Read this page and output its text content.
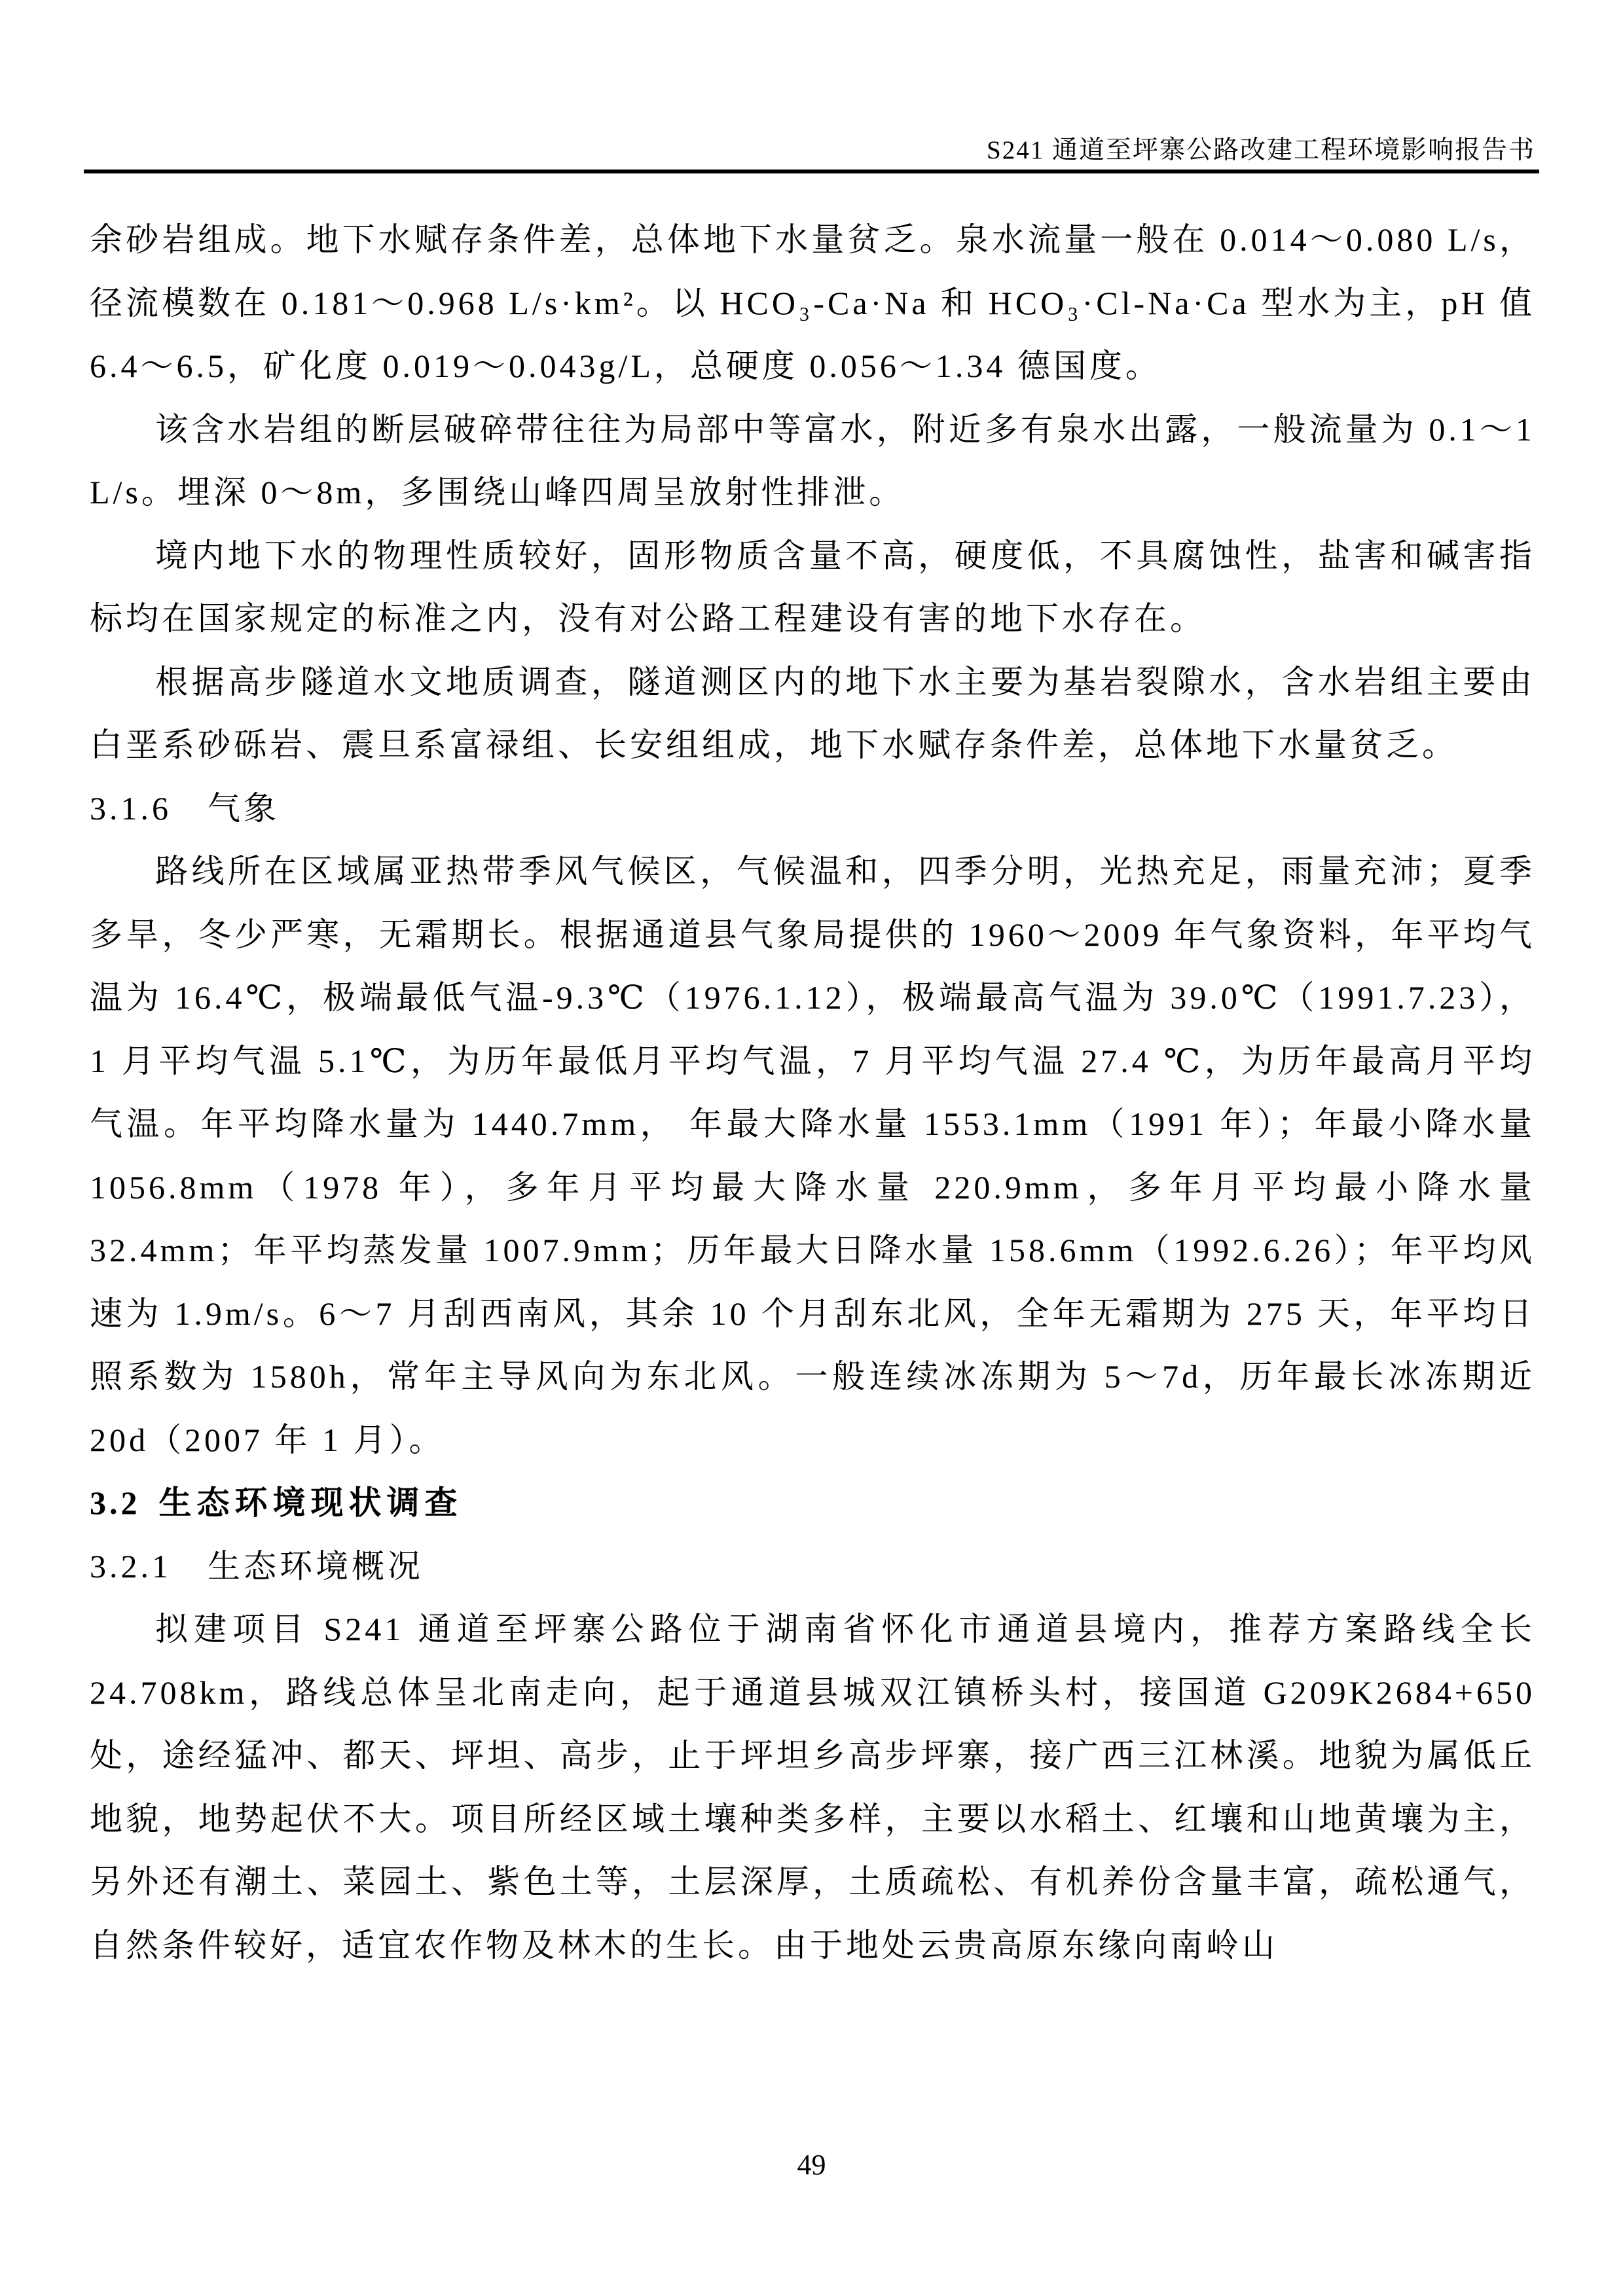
S241 通道至坪寨公路改建工程环境影响报告书

余砂岩组成。地下水赋存条件差，总体地下水量贫乏。泉水流量一般在 0.014～0.080 L/s，径流模数在 0.181～0.968 L/s·km²。以 HCO₃-Ca·Na 和 HCO₃·Cl-Na·Ca 型水为主，pH 值 6.4～6.5，矿化度 0.019～0.043g/L，总硬度 0.056～1.34 德国度。

该含水岩组的断层破碎带往往为局部中等富水，附近多有泉水出露，一般流量为 0.1～1 L/s。埋深 0～8m，多围绕山峰四周呈放射性排泄。

境内地下水的物理性质较好，固形物质含量不高，硬度低，不具腐蚀性，盐害和碱害指标均在国家规定的标准之内，没有对公路工程建设有害的地下水存在。

根据高步隧道水文地质调查，隧道测区内的地下水主要为基岩裂隙水，含水岩组主要由白垩系砂砾岩、震旦系富禄组、长安组组成，地下水赋存条件差，总体地下水量贫乏。

3.1.6 气象

路线所在区域属亚热带季风气候区，气候温和，四季分明，光热充足，雨量充沛；夏季多旱，冬少严寒，无霜期长。根据通道县气象局提供的 1960～2009 年气象资料，年平均气温为 16.4℃，极端最低气温-9.3℃（1976.1.12），极端最高气温为 39.0℃（1991.7.23），1 月平均气温 5.1℃，为历年最低月平均气温，7 月平均气温 27.4 ℃，为历年最高月平均气温。年平均降水量为 1440.7mm， 年最大降水量 1553.1mm（1991 年）；年最小降水量 1056.8mm（1978 年），多年月平均最大降水量 220.9mm，多年月平均最小降水量 32.4mm；年平均蒸发量 1007.9mm；历年最大日降水量 158.6mm（1992.6.26）；年平均风速为 1.9m/s。6～7 月刮西南风，其余 10 个月刮东北风，全年无霜期为 275 天，年平均日照系数为 1580h，常年主导风向为东北风。一般连续冰冻期为 5～7d，历年最长冰冻期近 20d（2007 年 1 月）。

3.2 生态环境现状调查
3.2.1 生态环境概况

拟建项目 S241 通道至坪寨公路位于湖南省怀化市通道县境内，推荐方案路线全长 24.708km，路线总体呈北南走向，起于通道县城双江镇桥头村，接国道 G209K2684+650 处，途经猛冲、都天、坪坦、高步，止于坪坦乡高步坪寨，接广西三江林溪。地貌为属低丘地貌，地势起伏不大。项目所经区域土壤种类多样，主要以水稻土、红壤和山地黄壤为主，另外还有潮土、菜园土、紫色土等，土层深厚，土质疏松、有机养份含量丰富，疏松通气，自然条件较好，适宜农作物及林木的生长。由于地处云贵高原东缘向南岭山

49
